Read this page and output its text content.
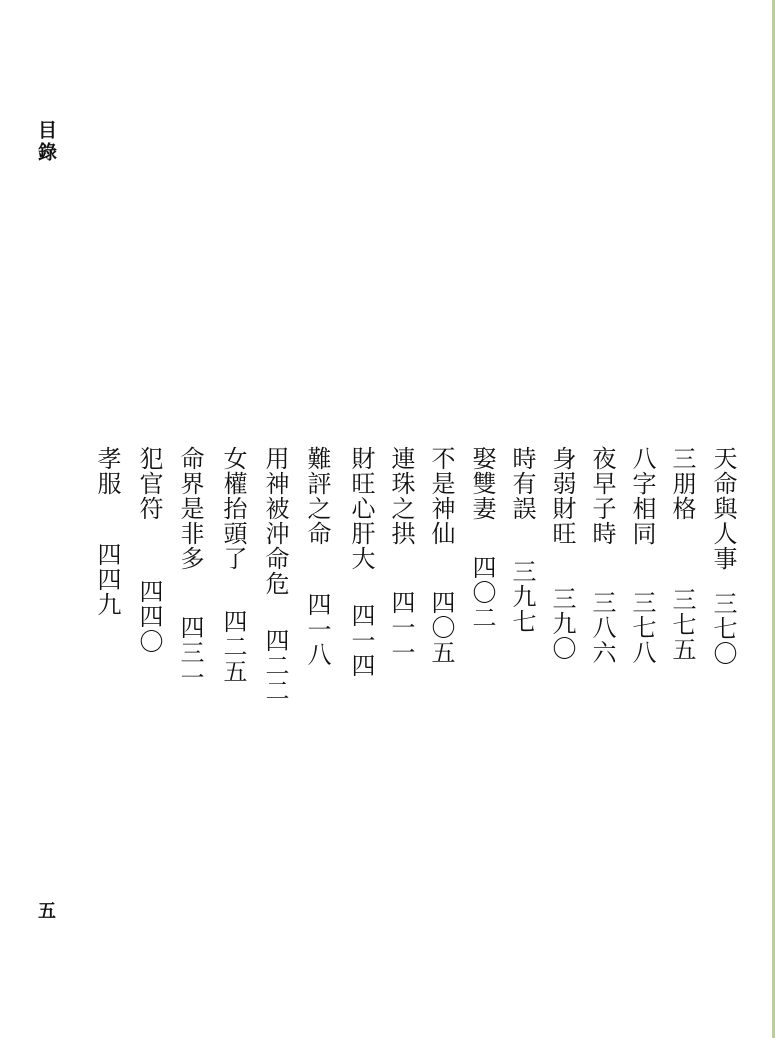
目錄
天命與人事三七〇
三朋格三七五
八字相同三七八
夜早子時三八六
身弱財旺三九〇
時有誤三九七
娶雙妻四〇二
不是神仙四〇五
連珠之拱四一一
財旺心肝大四一四
難評之命四一八
用神被沖命危四二二
女權抬頭了四二五
命界是非多四三一
犯官符四四〇
孝服四四九
五
